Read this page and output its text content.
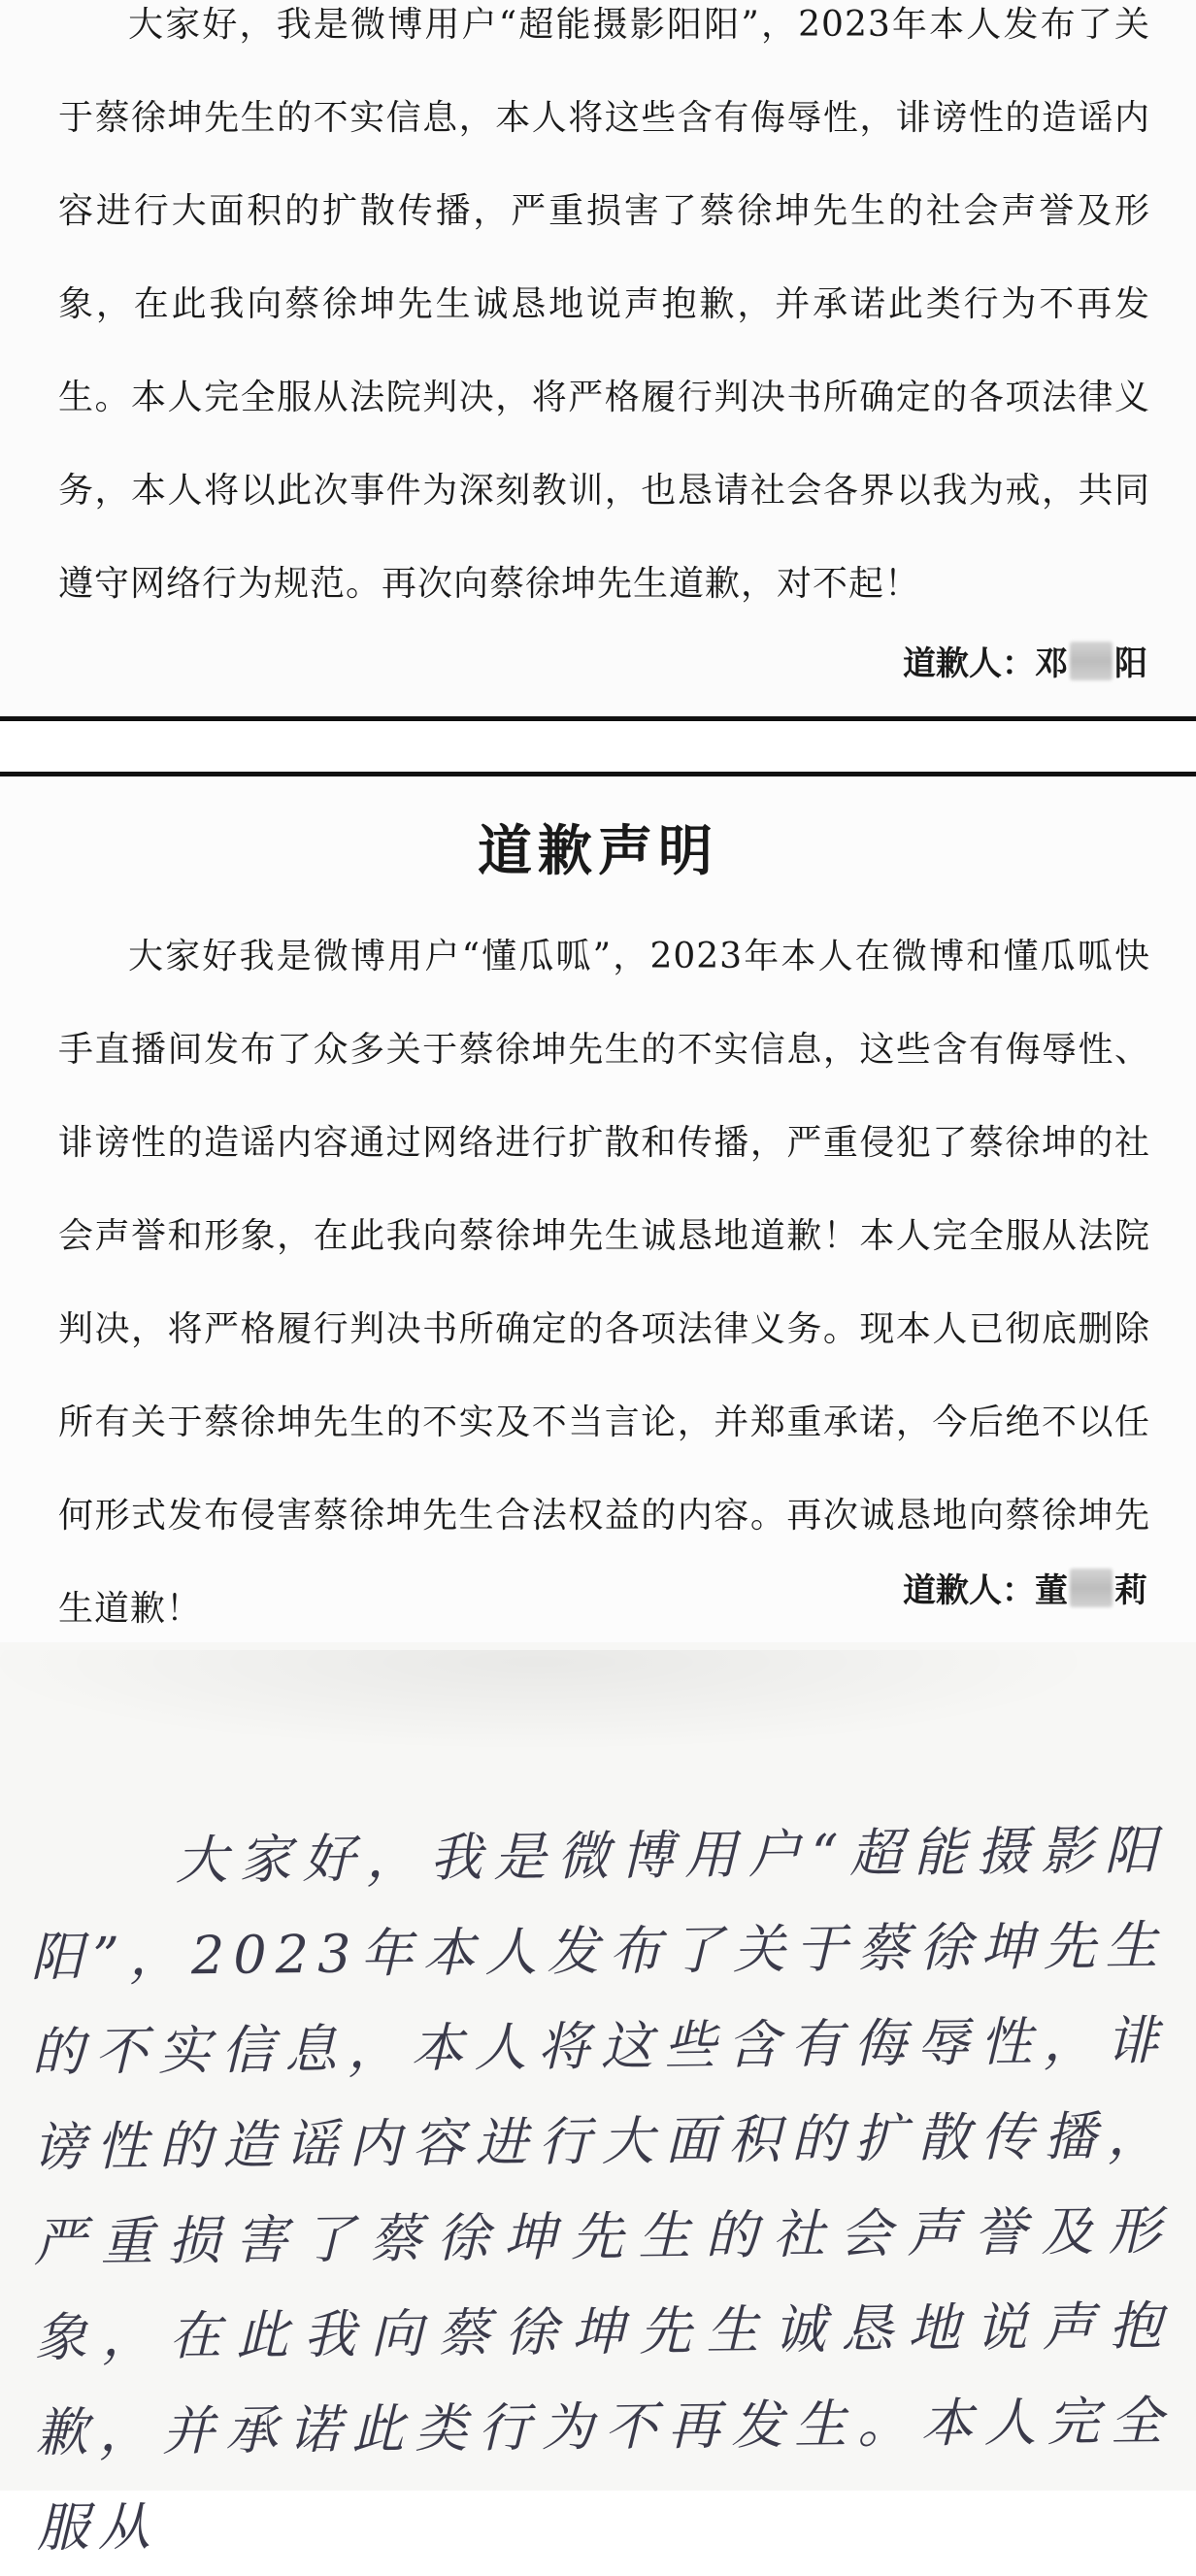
大家好，我是微博用户“超能摄影阳阳”，2023年本人发布了关于蔡徐坤先生的不实信息，本人将这些含有侮辱性，诽谤性的造谣内容进行大面积的扩散传播，严重损害了蔡徐坤先生的社会声誉及形象，在此我向蔡徐坤先生诚恳地说声抱歉，并承诺此类行为不再发生。本人完全服从法院判决，将严格履行判决书所确定的各项法律义务，本人将以此次事件为深刻教训，也恳请社会各界以我为戒，共同遵守网络行为规范。再次向蔡徐坤先生道歉，对不起！

道歉人：邓 阳

大家好我是微博用户“懂瓜呱”，2023年本人在微博和懂瓜呱快手直播间发布了众多关于蔡徐坤先生的不实信息，这些含有侮辱性、诽谤性的造谣内容通过网络进行扩散和传播，严重侵犯了蔡徐坤的社会声誉和形象，在此我向蔡徐坤先生诚恳地道歉！本人完全服从法院判决，将严格履行判决书所确定的各项法律义务。现本人已彻底删除所有关于蔡徐坤先生的不实及不当言论，并郑重承诺，今后绝不以任何形式发布侵害蔡徐坤先生合法权益的内容。再次诚恳地向蔡徐坤先生道歉！

道歉声明
道歉人：董 莉

大家好，我是微博用户“超能摄影阳阳”，2023年本人发布了关于蔡徐坤先生的不实信息，本人将这些含有侮辱性，诽谤性的造谣内容进行大面积的扩散传播，严重损害了蔡徐坤先生的社会声誉及形象，在此我向蔡徐坤先生诚恳地说声抱歉，并承诺此类行为不再发生。本人完全服从
